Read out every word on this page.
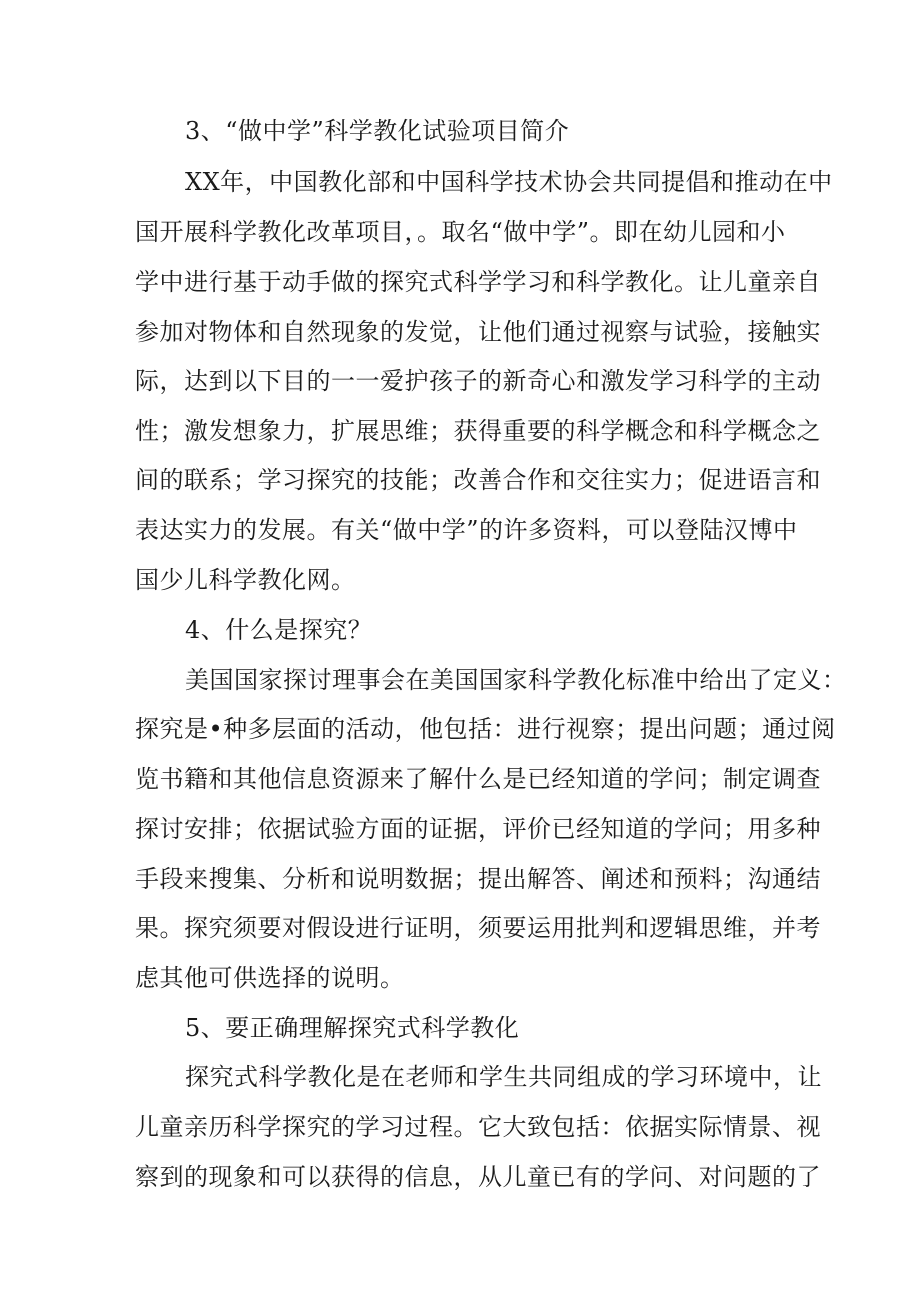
3、“做中学”科学教化试验项目简介
XX年，中国教化部和中国科学技术协会共同提倡和推动在中
国开展科学教化改革项目，。取名“做中学”。即在幼儿园和小
学中进行基于动手做的探究式科学学习和科学教化。让儿童亲自
参加对物体和自然现象的发觉，让他们通过视察与试验，接触实
际，达到以下目的一一爱护孩子的新奇心和激发学习科学的主动
性；激发想象力，扩展思维；获得重要的科学概念和科学概念之
间的联系；学习探究的技能；改善合作和交往实力；促进语言和
表达实力的发展。有关“做中学”的许多资料，可以登陆汉博中
国少儿科学教化网。
4、什么是探究？
美国国家探讨理事会在美国国家科学教化标准中给出了定义：
探究是•种多层面的活动，他包括：进行视察；提出问题；通过阅
览书籍和其他信息资源来了解什么是已经知道的学问；制定调查
探讨安排；依据试验方面的证据，评价已经知道的学问；用多种
手段来搜集、分析和说明数据；提出解答、阐述和预料；沟通结
果。探究须要对假设进行证明，须要运用批判和逻辑思维，并考
虑其他可供选择的说明。
5、要正确理解探究式科学教化
探究式科学教化是在老师和学生共同组成的学习环境中，让
儿童亲历科学探究的学习过程。它大致包括：依据实际情景、视
察到的现象和可以获得的信息，从儿童已有的学问、对问题的了
